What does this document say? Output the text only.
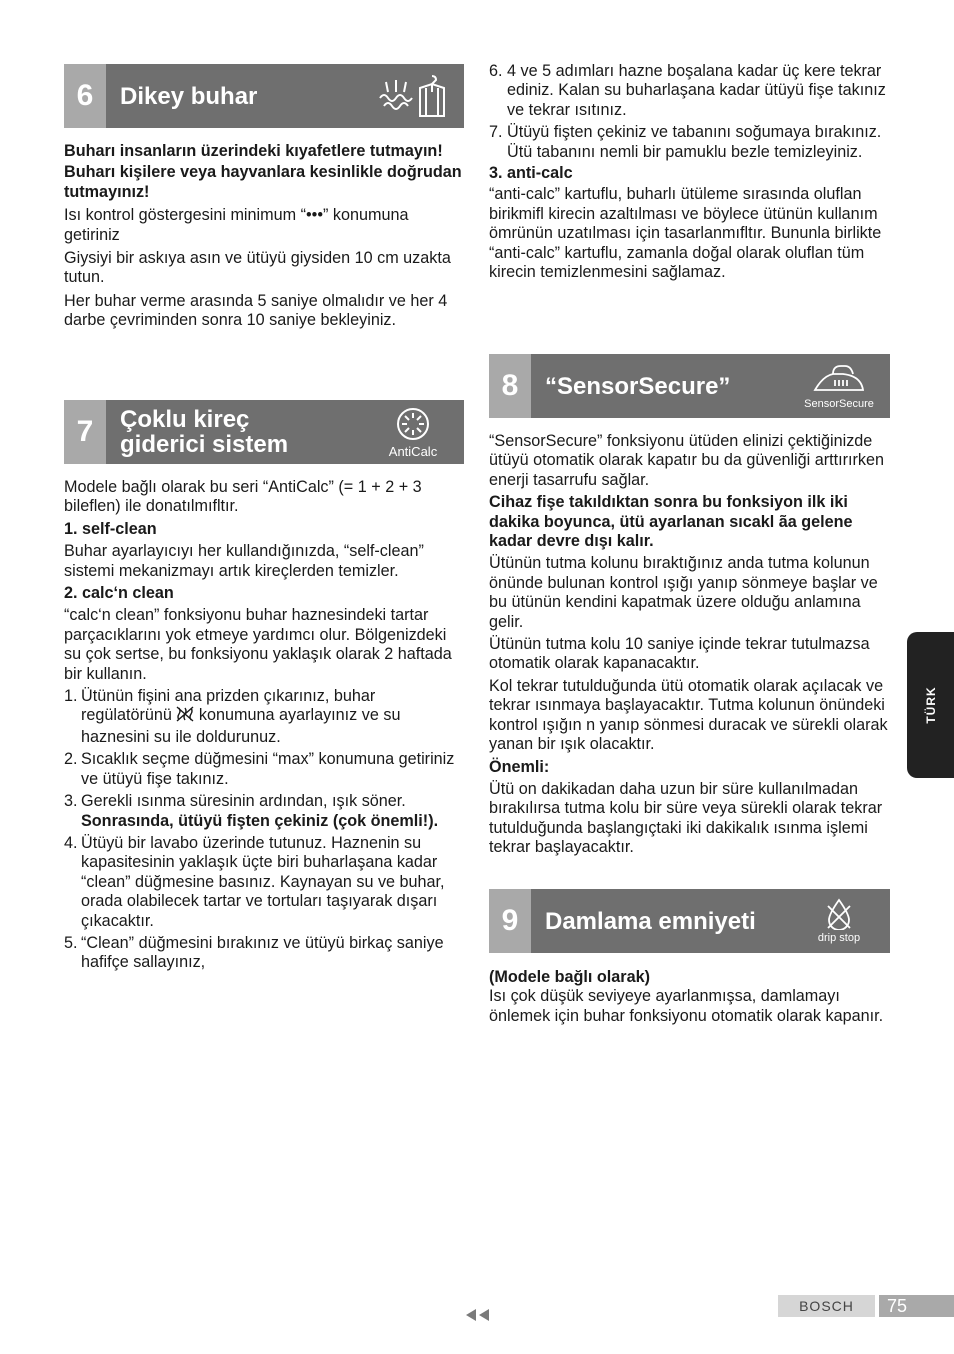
6	Dikey buhar

Buharı insanların üzerindeki kıyafetlere tutmayın!

Buharı kişilere veya hayvanlara kesinlikle doğrudan tutmayınız!

Isı kontrol göstergesini minimum “•••” konumuna getiriniz

Giysiyi bir askıya asın ve ütüyü giysiden 10 cm uzakta tutun.

Her buhar verme arasında 5 saniye olmalıdır ve her 4 darbe çevriminden sonra 10 saniye bekleyiniz.

7	Çoklu kireç
giderici sistem	AntiCalc

Modele bağlı olarak bu seri “AntiCalc” (= 1 + 2 + 3 bileflen) ile donatılmıfltır.

1. self-clean

Buhar ayarlayıcıyı her kullandığınızda, “self-clean” sistemi mekanizmayı artık kireçlerden temizler.

2. calc‘n clean

“calc‘n clean” fonksiyonu buhar haznesindeki tartar parçacıklarını yok etmeye yardımcı olur. Bölgenizdeki su çok sertse, bu fonksiyonu yaklaşık olarak 2 haftada bir kullanın.

1. Ütünün fişini ana prizden çıkarınız, buhar regülatörünü konumuna ayarlayınız ve su haznesini su ile doldurunuz.
2. Sıcaklık seçme düğmesini “max” konumuna getiriniz ve ütüyü fişe takınız.
3. Gerekli ısınma süresinin ardından, ışık söner.
Sonrasında, ütüyü fişten çekiniz (çok önemli!).
4. Ütüyü bir lavabo üzerinde tutunuz. Haznenin su kapasitesinin yaklaşık üçte biri buharlaşana kadar “clean” düğmesine basınız. Kaynayan su ve buhar, orada olabilecek tartar ve tortuları taşıyarak dışarı çıkacaktır.
5. “Clean” düğmesini bırakınız ve ütüyü birkaç saniye hafifçe sallayınız,
6. 4 ve 5 adımları hazne boşalana kadar üç kere tekrar ediniz. Kalan su buharlaşana kadar ütüyü fişe takınız ve tekrar ısıtınız.
7. Ütüyü fişten çekiniz ve tabanını soğumaya bırakınız. Ütü tabanını nemli bir pamuklu bezle temizleyiniz.

3. anti-calc

“anti-calc” kartuflu, buharlı ütüleme sırasında oluflan birikmifl kirecin azaltılması ve böylece ütünün kullanım ömrünün uzatılması için tasarlanmıfltır. Bununla birlikte “anti-calc” kartuflu, zamanla doğal olarak oluflan tüm kirecin temizlenmesini sağlamaz.

8	“SensorSecure”
SensorSecure

“SensorSecure” fonksiyonu ütüden elinizi çektiğinizde ütüyü otomatik olarak kapatır bu da güvenliği arttırırken enerji tasarrufu sağlar.

Cihaz fişe takıldıktan sonra bu fonksiyon ilk iki dakika boyunca, ütü ayarlanan sıcakl ãa gelene kadar devre dışı kalır.

Ütünün tutma kolunu bıraktığınız anda tutma kolunun önünde bulunan kontrol ışığı yanıp sönmeye başlar ve bu ütünün kendini kapatmak üzere olduğu anlamına gelir.

Ütünün tutma kolu 10 saniye içinde tekrar tutulmazsa otomatik olarak kapanacaktır.

Kol tekrar tutulduğunda ütü otomatik olarak açılacak ve tekrar ısınmaya başlayacaktır. Tutma kolunun önündeki kontrol ışığın n yanıp sönmesi duracak ve sürekli olarak yanan bir ışık olacaktır.

Önemli:

Ütü on dakikadan daha uzun bir süre kullanılmadan bırakılırsa tutma kolu bir süre veya sürekli olarak tekrar tutulduğunda başlangıçtaki iki dakikalık ısınma işlemi tekrar başlayacaktır.

9	Damlama emniyeti
drip stop

(Modele bağlı olarak)

Isı çok düşük seviyeye ayarlanmışsa, damlamayı önlemek için buhar fonksiyonu otomatik olarak kapanır.

TÜRK
BOSCH	75
